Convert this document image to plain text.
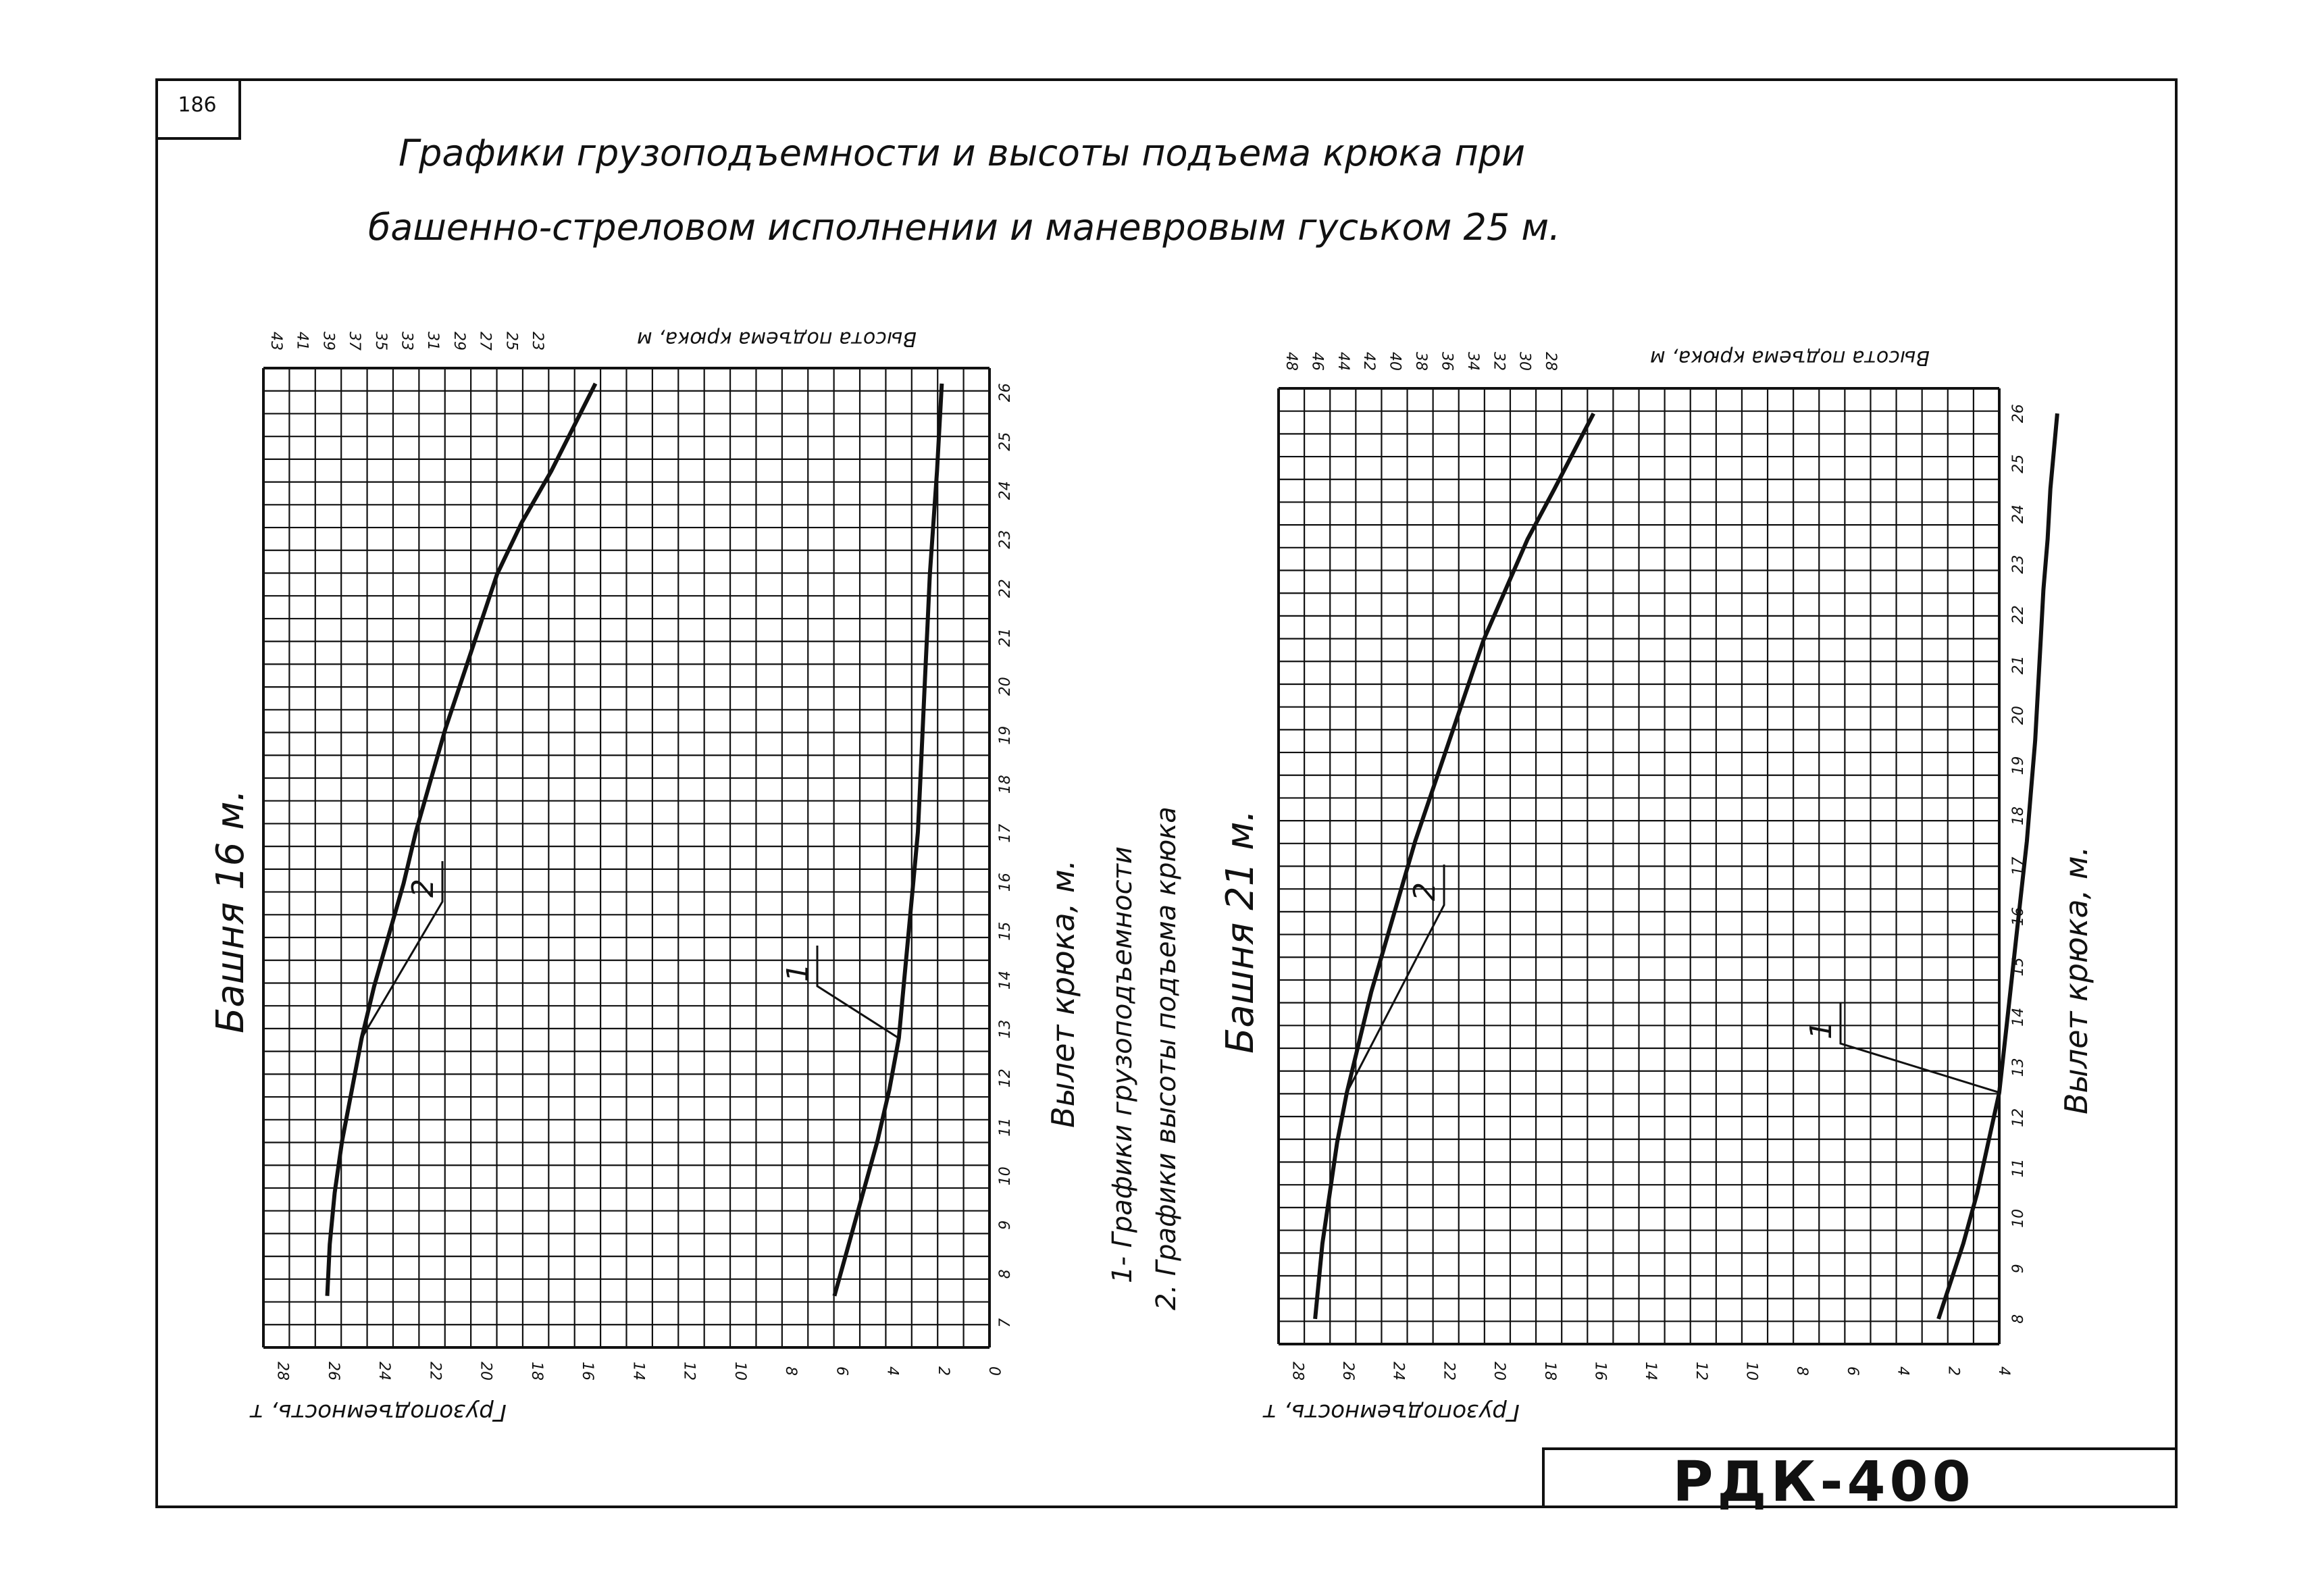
186
Графики грузоподъемности и высоты подъема крюка при
башенно-стреловом исполнении и маневровым гуськом 25 м.
7
8
9
10
11
12
13
14
15
16
17
18
19
20
21
22
23
24
25
26
0
2
4
6
8
10
12
14
16
18
20
22
24
26
28
23
25
27
29
31
33
35
37
39
41
43
Грузоподъемность, т
Высота подъема крюка, м
1
2
8
9
10
11
12
13
14
15
16
17
18
19
20
21
22
23
24
25
26
4
2
4
6
8
10
12
14
16
18
20
22
24
26
28
28
30
32
34
36
38
40
42
44
46
48
Грузоподъемность, т
Высота подъема крюка, м
1
2
Башня 16 м.	Башня 21 м.
Вылет крюка, м.	Вылет крюка, м.
1- Графики грузоподъемности 2. Графики высоты подъема крюка
РДК-400
